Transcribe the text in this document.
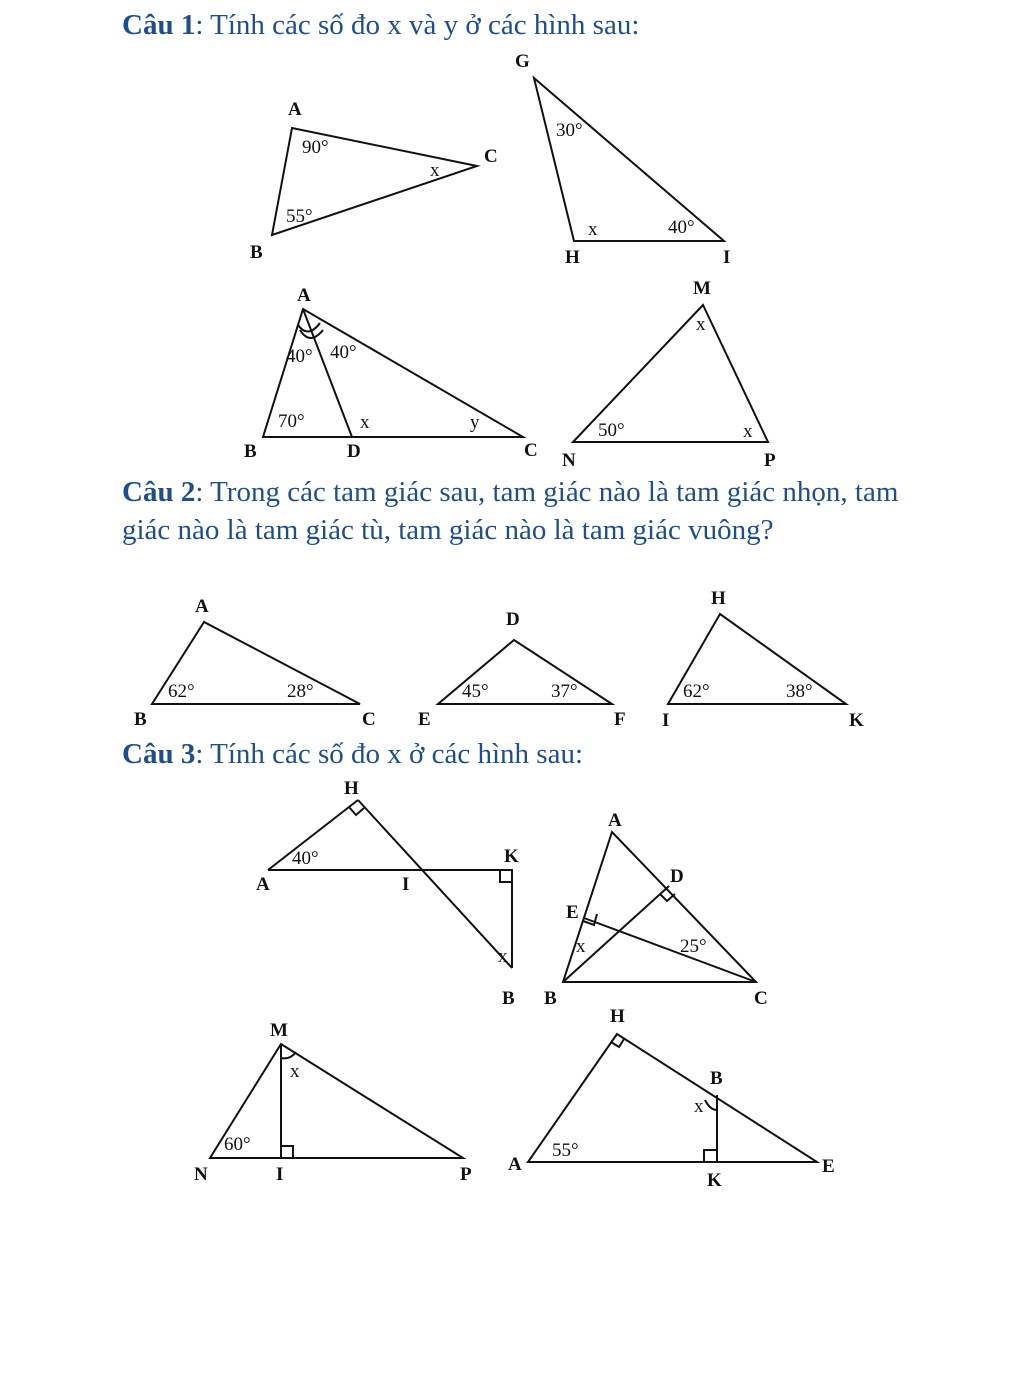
Câu 1: Tính các số đo x và y ở các hình sau:

Câu 2: Trong các tam giác sau, tam giác nào là tam giác nhọn, tam giác nào là tam giác tù, tam giác nào là tam giác vuông?

Câu 3: Tính các số đo x ở các hình sau:

A
B
C
90°
55°
x
G
H	I
30°
40°
x
A
B	C
D
40° 40°
70°	x	y
M
N	P
50°
x
x
A
B	C
62°	28°
D
E	F
45°	37°
H
I	K
62°	38°
H
A	I
K
B
40°
x
A
B	C
D
E
25°
x
M
N	I	P
60°
x
H
A
B
K
E
55°
x
